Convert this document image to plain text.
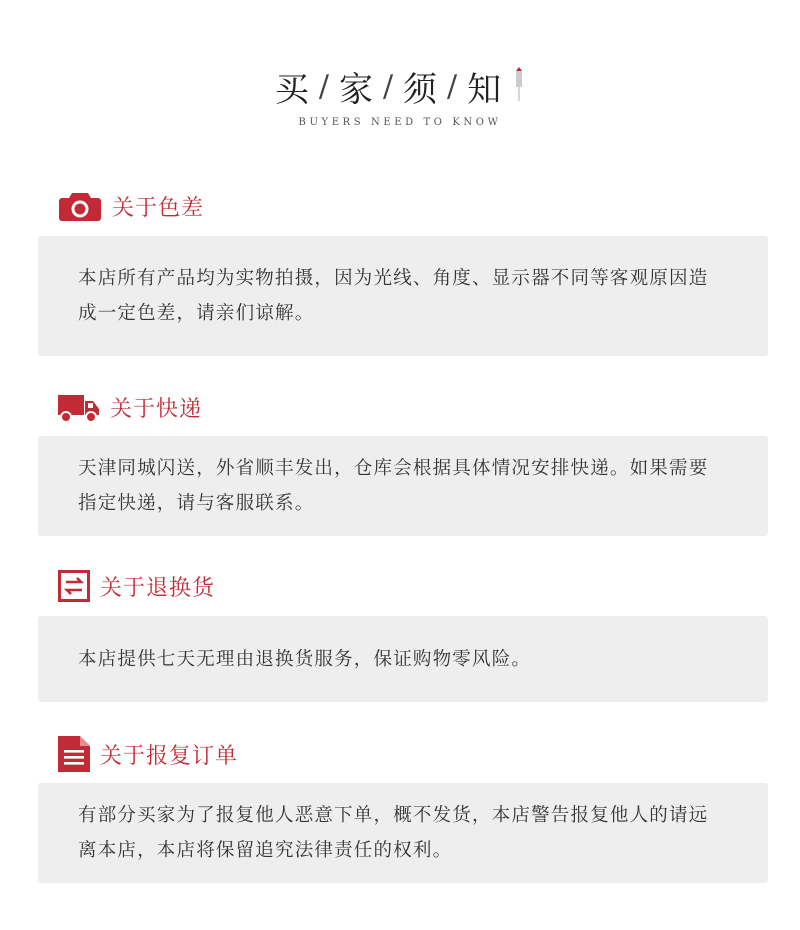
买 / 家 / 须 / 知
BUYERS NEED TO KNOW
关于色差
本店所有产品均为实物拍摄，因为光线、角度、显示器不同等客观原因造成一定色差，请亲们谅解。
关于快递
天津同城闪送，外省顺丰发出，仓库会根据具体情况安排快递。如果需要指定快递，请与客服联系。
关于退换货
本店提供七天无理由退换货服务，保证购物零风险。
关于报复订单
有部分买家为了报复他人恶意下单，概不发货，本店警告报复他人的请远离本店，本店将保留追究法律责任的权利。
